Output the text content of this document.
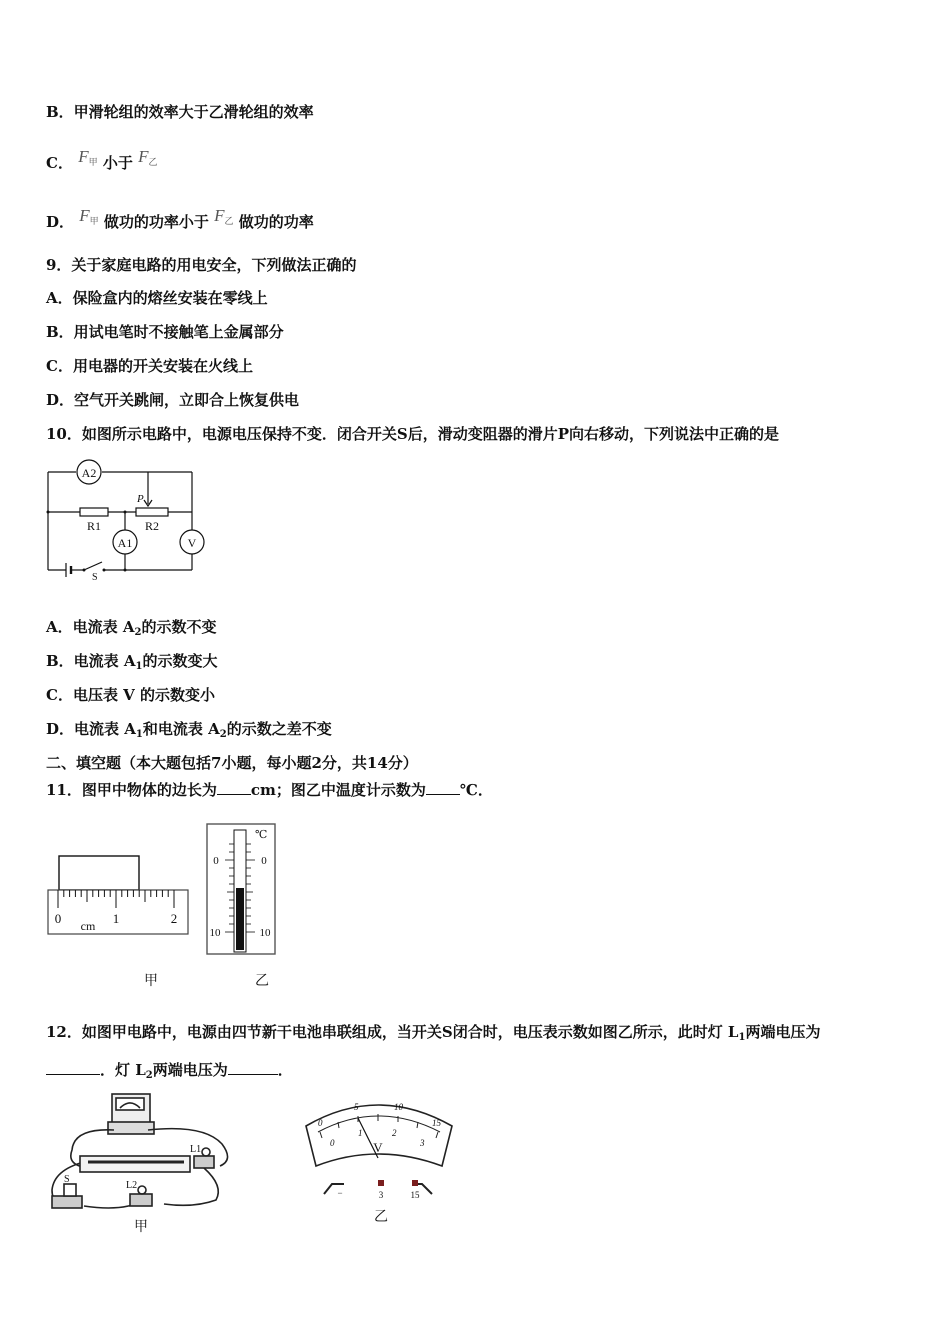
B．甲滑轮组的效率大于乙滑轮组的效率
C． F甲 小于 F乙
D． F甲 做功的功率小于 F乙 做功的功率
9．关于家庭电路的用电安全，下列做法正确的
A．保险盒内的熔丝安装在零线上
B．用试电笔时不接触笔上金属部分
C．用电器的开关安装在火线上
D．空气开关跳闸，立即合上恢复供电
10．如图所示电路中，电源电压保持不变．闭合开关S后，滑动变阻器的滑片P向右移动，下列说法中正确的是
A2
P
R1	R2
A1	V
S
A．电流表 $A_2$的示数不变
B．电流表 $A_1$的示数变大
C．电压表 V 的示数变小
D．电流表 $A_1$和电流表 $A_2$的示数之差不变
二、填空题（本大题包括7小题，每小题2分，共14分）
11．图甲中物体的边长为 cm；图乙中温度计示数为 ℃．
0	1	2
cm
℃
0	0
10	10
甲	乙
12．如图甲电路中，电源由四节新干电池串联组成，当开关S闭合时，电压表示数如图乙所示，此时灯 $L_1$两端电压为
．灯 $L_2$两端电压为	．
S
L1
L2
甲
0
5	10
15
0
1	2
3
V
−	3	15
乙
